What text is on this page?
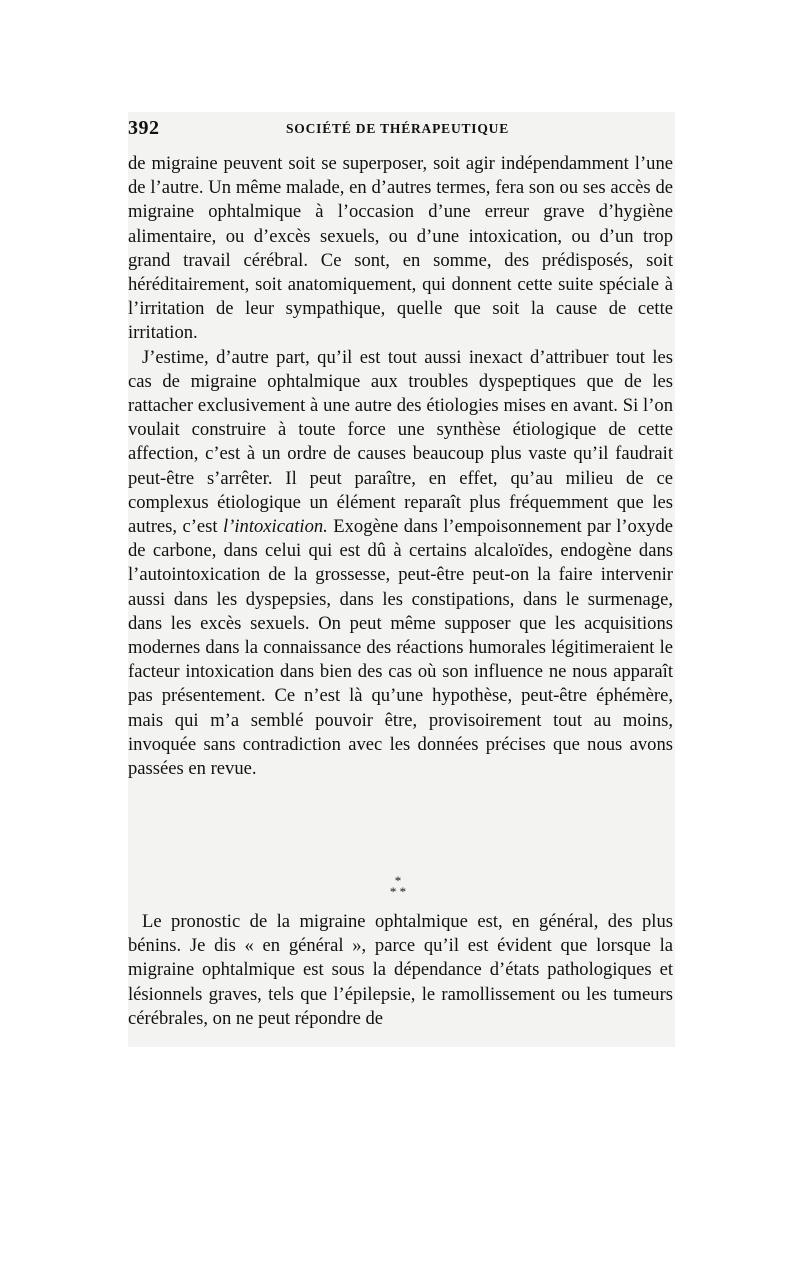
392	SOCIÉTÉ DE THÉRAPEUTIQUE

de migraine peuvent soit se superposer, soit agir indépendamment l’une de l’autre. Un même malade, en d’autres termes, fera son ou ses accès de migraine ophtalmique à l’occasion d’une erreur grave d’hygiène alimentaire, ou d’excès sexuels, ou d’une intoxication, ou d’un trop grand travail cérébral. Ce sont, en somme, des prédisposés, soit héréditairement, soit anatomiquement, qui donnent cette suite spéciale à l’irritation de leur sympathique, quelle que soit la cause de cette irritation.

J’estime, d’autre part, qu’il est tout aussi inexact d’attribuer tout les cas de migraine ophtalmique aux troubles dyspeptiques que de les rattacher exclusivement à une autre des étiologies mises en avant. Si l’on voulait construire à toute force une synthèse étiologique de cette affection, c’est à un ordre de causes beaucoup plus vaste qu’il faudrait peut-être s’arrêter. Il peut paraître, en effet, qu’au milieu de ce complexus étiologique un élément reparaît plus fréquemment que les autres, c’est l’intoxication. Exogène dans l’empoisonnement par l’oxyde de carbone, dans celui qui est dû à certains alcaloïdes, endogène dans l’autointoxication de la grossesse, peut-être peut-on la faire intervenir aussi dans les dyspepsies, dans les constipations, dans le surmenage, dans les excès sexuels. On peut même supposer que les acquisitions modernes dans la connaissance des réactions humorales légitimeraient le facteur intoxication dans bien des cas où son influence ne nous apparaît pas présentement. Ce n’est là qu’une hypothèse, peut-être éphémère, mais qui m’a semblé pouvoir être, provisoirement tout au moins, invoquée sans contradiction avec les données précises que nous avons passées en revue.

*
* *

Le pronostic de la migraine ophtalmique est, en général, des plus bénins. Je dis « en général », parce qu’il est évident que lorsque la migraine ophtalmique est sous la dépendance d’états pathologiques et lésionnels graves, tels que l’épilepsie, le ramollissement ou les tumeurs cérébrales, on ne peut répondre de
